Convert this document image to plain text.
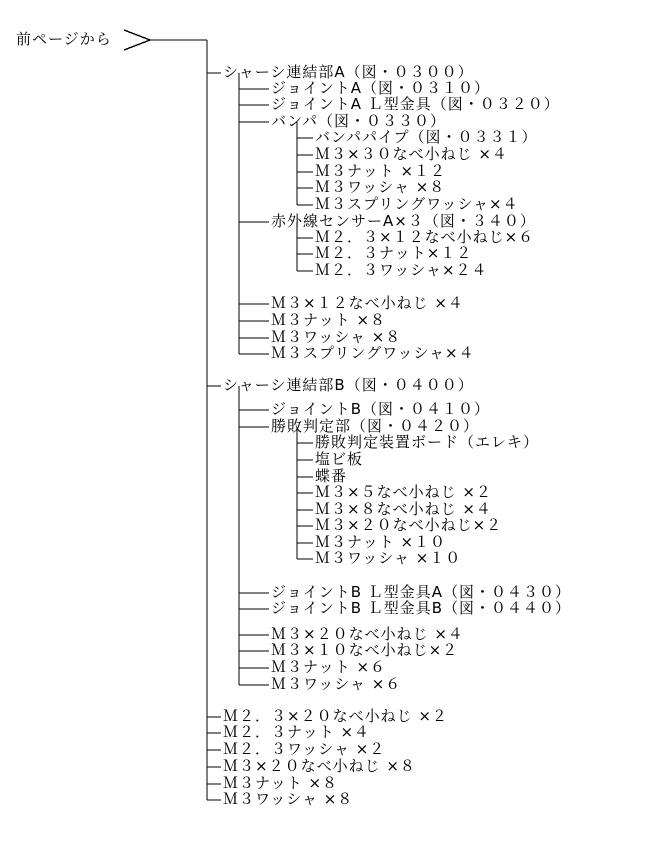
前ページから
シャーシ連結部A（図・０３００）
ジョイントA（図・０３１０）
ジョイントA Ｌ型金具（図・０３２０）
バンパ（図・０３３０）
バンパパイプ（図・０３３１）
Ｍ３×３０なべ小ねじ ×４
Ｍ３ナット ×１２
Ｍ３ワッシャ ×８
Ｍ３スプリングワッシャ×４
赤外線センサーA×３（図・３４０）
Ｍ２．３×１２なべ小ねじ×６
Ｍ２．３ナット×１２
Ｍ２．３ワッシャ×２４
Ｍ３×１２なべ小ねじ ×４
Ｍ３ナット ×８
Ｍ３ワッシャ ×８
Ｍ３スプリングワッシャ×４
シャーシ連結部B（図・０４００）
ジョイントB（図・０４１０）
勝敗判定部（図・０４２０）
勝敗判定装置ボード（エレキ）
塩ビ板
蝶番
Ｍ３×５なべ小ねじ ×２
Ｍ３×８なべ小ねじ ×４
Ｍ３×２０なべ小ねじ×２
Ｍ３ナット ×１０
Ｍ３ワッシャ ×１０
ジョイントB Ｌ型金具A（図・０４３０）
ジョイントB Ｌ型金具B（図・０４４０）
Ｍ３×２０なべ小ねじ ×４
Ｍ３×１０なべ小ねじ×２
Ｍ３ナット ×６
Ｍ３ワッシャ ×６
Ｍ２．３×２０なべ小ねじ ×２
Ｍ２．３ナット ×４
Ｍ２．３ワッシャ ×２
Ｍ３×２０なべ小ねじ ×８
Ｍ３ナット ×８
Ｍ３ワッシャ ×８
